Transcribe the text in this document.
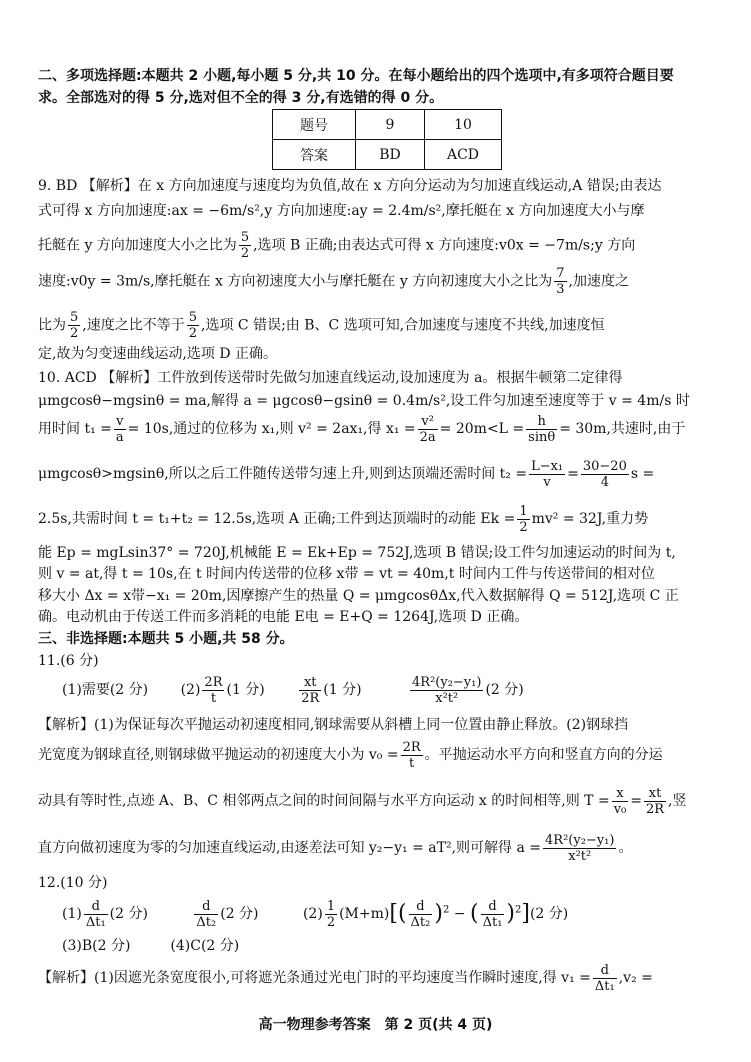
二、多项选择题:本题共 2 小题,每小题 5 分,共 10 分。在每小题给出的四个选项中,有多项符合题目要
求。全部选对的得 5 分,选对但不全的得 3 分,有选错的得 0 分。
题号	9	10
答案	BD	ACD
9. BD 【解析】在 x 方向加速度与速度均为负值,故在 x 方向分运动为匀加速直线运动,A 错误;由表达
式可得 x 方向加速度:ax = −6m/s²,y 方向加速度:ay = 2.4m/s²,摩托艇在 x 方向加速度大小与摩
托艇在 y 方向加速度大小之比为 $\frac{5}{2}$ ,选项 B 正确;由表达式可得 x 方向速度:v0x = −7m/s;y 方向
速度:v0y = 3m/s,摩托艇在 x 方向初速度大小与摩托艇在 y 方向初速度大小之比为 $\frac{7}{3}$ ,加速度之
比为 $\frac{5}{2}$ ,速度之比不等于 $\frac{5}{2}$ ,选项 C 错误;由 B、C 选项可知,合加速度与速度不共线,加速度恒
定,故为匀变速曲线运动,选项 D 正确。
10. ACD 【解析】工件放到传送带时先做匀加速直线运动,设加速度为 a。根据牛顿第二定律得
μmgcosθ−mgsinθ = ma,解得 a = μgcosθ−gsinθ = 0.4m/s²,设工件匀加速至速度等于 v = 4m/s 时
用时间 $t_1 = \frac{v}{a} = 10s$,通过的位移为 x₁,则 v² = 2ax₁,得 $x_1 = \frac{\text{v²}}{2a} = 20m<L = \frac{h}{\sin\theta} = 30m$,共速时,由于
μmgcosθ>mgsinθ,所以之后工件随传送带匀速上升,则到达顶端还需时间 $t_2 = \frac{\text{L−x₁}}{v} = \frac{30-20}{4}$ s =
2.5s,共需时间 t = t₁+t₂ = 12.5s,选项 A 正确;工件到达顶端时的动能 $Ek = \frac{1}{2} mv^2 = 32J$,重力势
能 Ep = mgLsin37° = 720J,机械能 E = Ek+Ep = 752J,选项 B 错误;设工件匀加速运动的时间为 t,
则 v = at,得 t = 10s,在 t 时间内传送带的位移 x带 = vt = 40m,t 时间内工件与传送带间的相对位
移大小 Δx = x带−x₁ = 20m,因摩擦产生的热量 Q = μmgcosθΔx,代入数据解得 Q = 512J,选项 C 正
确。电动机由于传送工件而多消耗的电能 E电 = E+Q = 1264J,选项 D 正确。
三、非选择题:本题共 5 小题,共 58 分。
11.(6 分)
(1)需要(2 分) $(2) \frac{2R}{t} (1$ 分)	$\frac{xt}{2R} (1$ 分)	$\frac{\text{4R²(y₂−y₁)}}{\text{x²t²}} (2$ 分)
【解析】(1)为保证每次平抛运动初速度相同,钢球需要从斜槽上同一位置由静止释放。(2)钢球挡
光宽度为钢球直径,则钢球做平抛运动的初速度大小为 $v_0 = \frac{2R}{t}$ 。平抛运动水平方向和竖直方向的分运
动具有等时性,点迹 A、B、C 相邻两点之间的时间间隔与水平方向运动 x 的时间相等,则 $T = \frac{x}{\text{v₀}} = \frac{xt}{2R}$ ,竖
直方向做初速度为零的匀加速直线运动,由逐差法可知 y₂−y₁ = aT²,则可解得 $a = \frac{\text{4R²(y₂−y₁)}}{\text{x²t²}}$ 。
12.(10 分)
$(1) \frac{d}{\text{Δt₁}} (2$ 分)	$\frac{d}{\text{Δt₂}} (2$ 分)	$(2) \frac{1}{2} (M+m)[( \frac{d}{\text{Δt₂}} )^2$ − ( $\frac{d}{\text{Δt₁}} )^2](2$ 分)
(3)B(2 分)	(4)C(2 分)
【解析】(1)因遮光条宽度很小,可将遮光条通过光电门时的平均速度当作瞬时速度,得 $v_1 = \frac{d}{\text{Δt₁}} ,v_2$ =
高一物理参考答案　第 2 页(共 4 页)
